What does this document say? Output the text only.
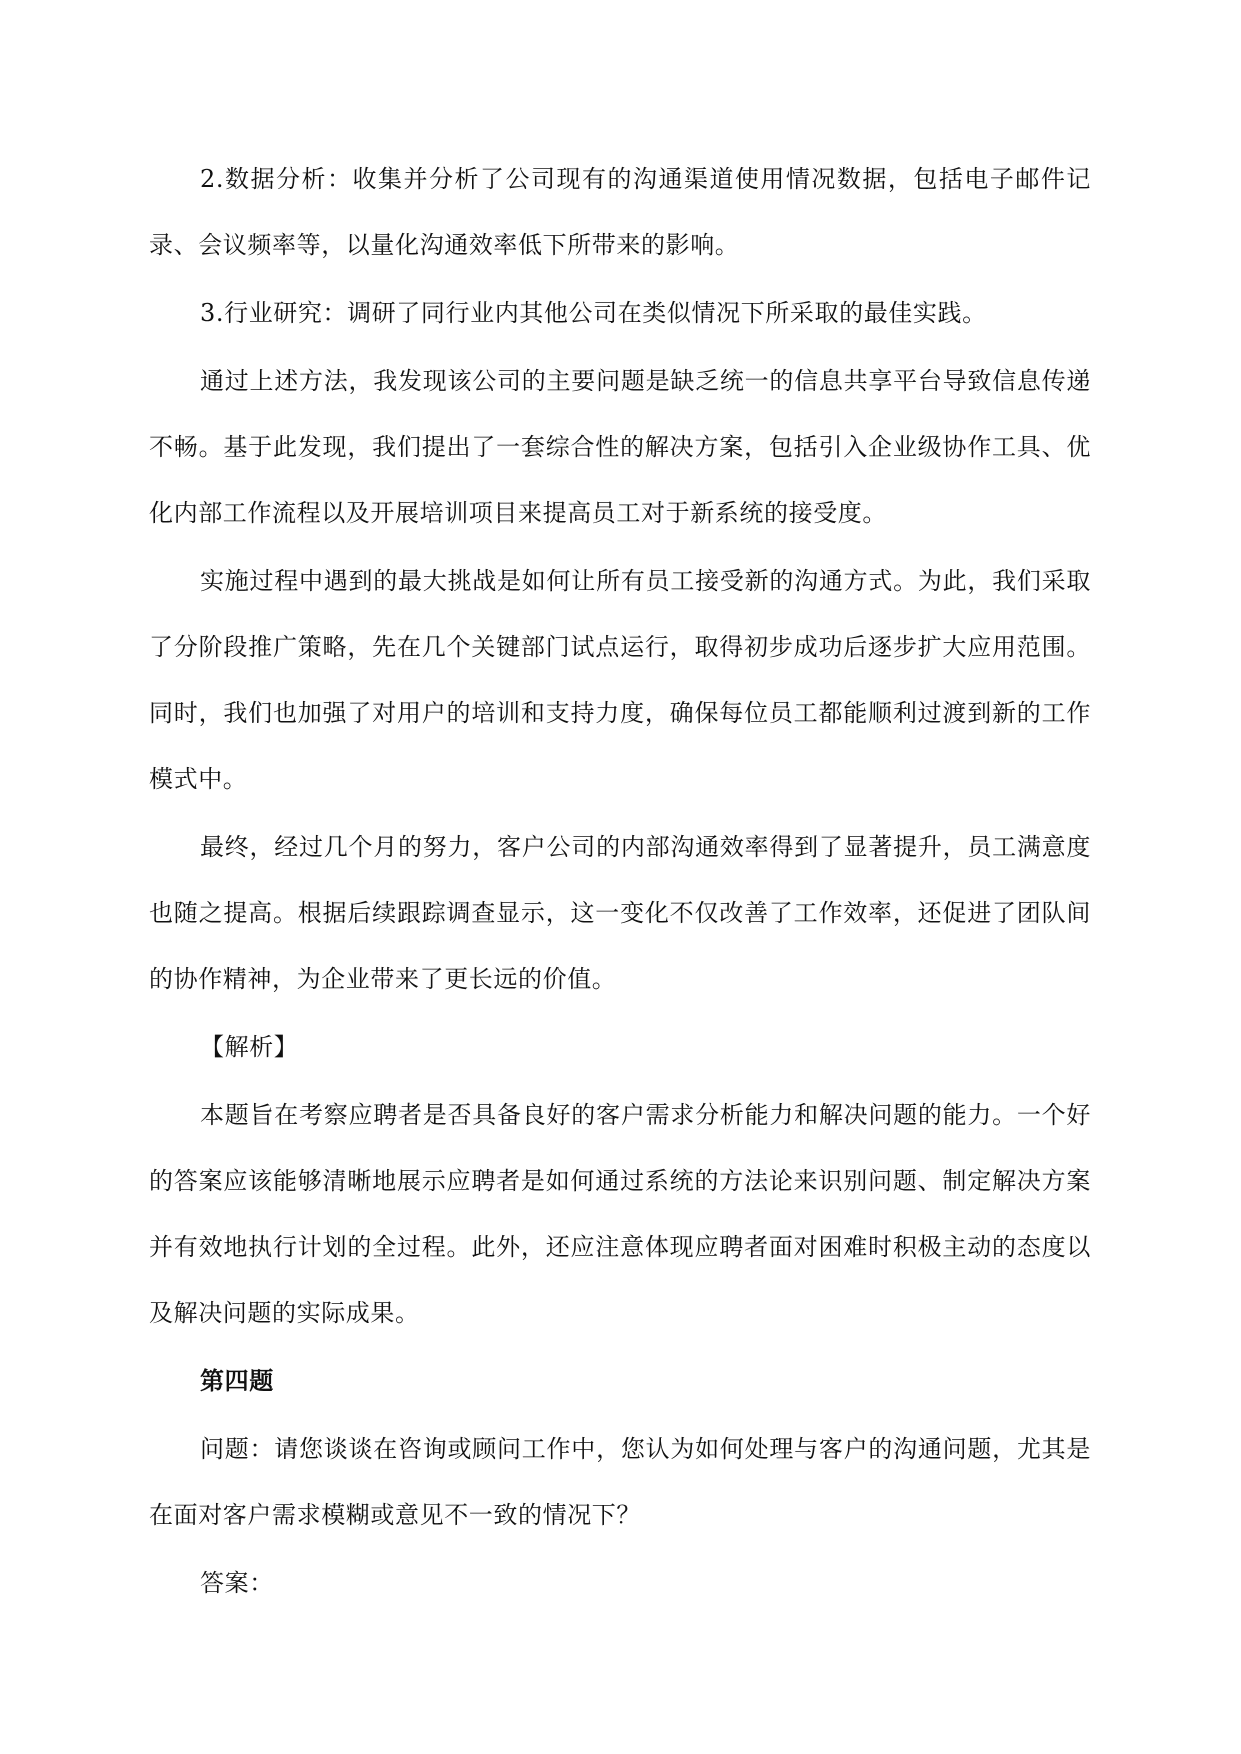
2.数据分析：收集并分析了公司现有的沟通渠道使用情况数据，包括电子邮件记录、会议频率等，以量化沟通效率低下所带来的影响。

3.行业研究：调研了同行业内其他公司在类似情况下所采取的最佳实践。

通过上述方法，我发现该公司的主要问题是缺乏统一的信息共享平台导致信息传递不畅。基于此发现，我们提出了一套综合性的解决方案，包括引入企业级协作工具、优化内部工作流程以及开展培训项目来提高员工对于新系统的接受度。

实施过程中遇到的最大挑战是如何让所有员工接受新的沟通方式。为此，我们采取了分阶段推广策略，先在几个关键部门试点运行，取得初步成功后逐步扩大应用范围。同时，我们也加强了对用户的培训和支持力度，确保每位员工都能顺利过渡到新的工作模式中。

最终，经过几个月的努力，客户公司的内部沟通效率得到了显著提升，员工满意度也随之提高。根据后续跟踪调查显示，这一变化不仅改善了工作效率，还促进了团队间的协作精神，为企业带来了更长远的价值。

【解析】

本题旨在考察应聘者是否具备良好的客户需求分析能力和解决问题的能力。一个好的答案应该能够清晰地展示应聘者是如何通过系统的方法论来识别问题、制定解决方案并有效地执行计划的全过程。此外，还应注意体现应聘者面对困难时积极主动的态度以及解决问题的实际成果。

第四题

问题：请您谈谈在咨询或顾问工作中，您认为如何处理与客户的沟通问题，尤其是在面对客户需求模糊或意见不一致的情况下？

答案：
